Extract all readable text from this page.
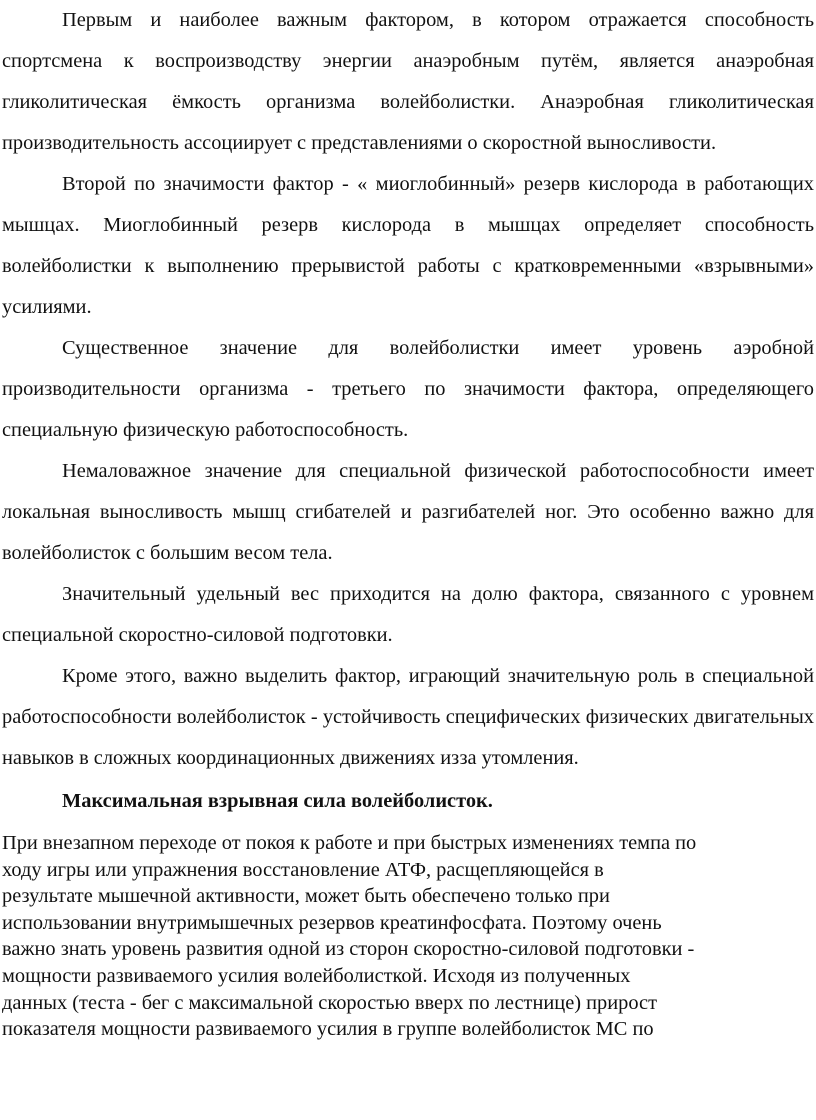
Первым и наиболее важным фактором, в котором отражается способность спортсмена к воспроизводству энергии анаэробным путём, является анаэробная гликолитическая ёмкость организма волейболистки. Анаэробная гликолитическая производительность ассоциирует с представлениями о скоростной выносливости.

Второй по значимости фактор - « миоглобинный» резерв кислорода в работающих мышцах. Миоглобинный резерв кислорода в мышцах определяет способность волейболистки к выполнению прерывистой работы с кратковременными «взрывными» усилиями.

Существенное значение для волейболистки имеет уровень аэробной производительности организма - третьего по значимости фактора, определяющего специальную физическую работоспособность.

Немаловажное значение для специальной физической работоспособности имеет локальная выносливость мышц сгибателей и разгибателей ног. Это особенно важно для волейболисток с большим весом тела.

Значительный удельный вес приходится на долю фактора, связанного с уровнем специальной скоростно-силовой подготовки.

Кроме этого, важно выделить фактор, играющий значительную роль в специальной работоспособности волейболисток - устойчивость специфических физических двигательных навыков в сложных координационных движениях изза утомления.

Максимальная взрывная сила волейболисток.

При внезапном переходе от покоя к работе и при быстрых изменениях темпа по
ходу игры или упражнения восстановление АТФ, расщепляющейся в
результате мышечной активности, может быть обеспечено только при
использовании внутримышечных резервов креатинфосфата. Поэтому очень
важно знать уровень развития одной из сторон скоростно-силовой подготовки -
мощности развиваемого усилия волейболисткой. Исходя из полученных
данных (теста - бег с максимальной скоростью вверх по лестнице) прирост
показателя мощности развиваемого усилия в группе волейболисток МС по
